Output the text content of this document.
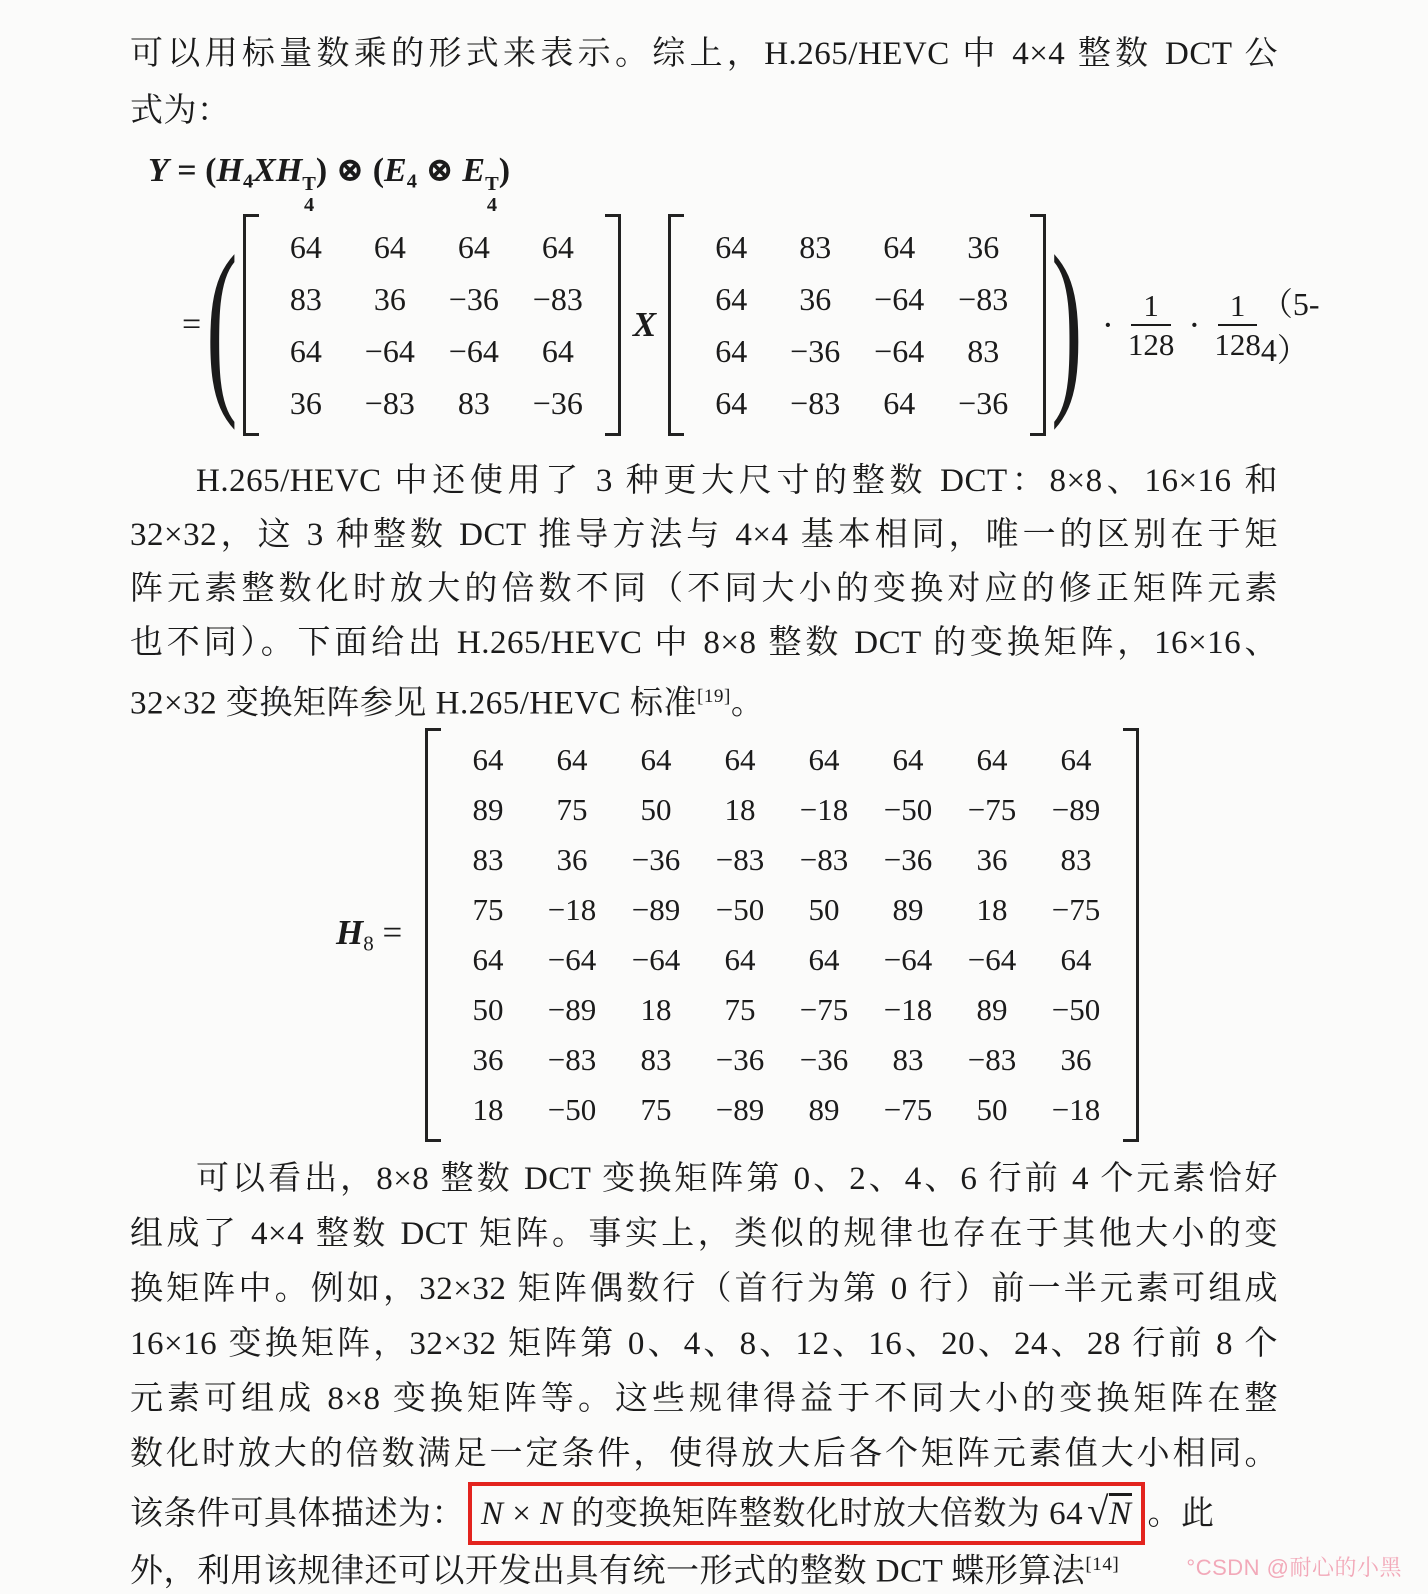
可以用标量数乘的形式来表示。综上，H.265/HEVC 中 4×4 整数 DCT 公
式为：
$Y = (H_4XH$ T
4
) ⊗ ($E_4$ ⊗ E T
4
)
= (	64	64	64	64
83	36	−36	−83
64	−64	−64	64
36	−83	83	−36
X
64	83	64	36
64	36	−64	−83
64	−36	−64	83
64	−83	64	−36 ) · $\frac{1}{128} \cdot \frac{1}{128} (5-4)$
H.265/HEVC 中还使用了 3 种更大尺寸的整数 DCT：8×8、16×16 和
32×32，这 3 种整数 DCT 推导方法与 4×4 基本相同，唯一的区别在于矩
阵元素整数化时放大的倍数不同（不同大小的变换对应的修正矩阵元素
也不同）。下面给出 H.265/HEVC 中 8×8 整数 DCT 的变换矩阵，16×16、
32×32 变换矩阵参见 H.265/HEVC 标准[19]。
$H_8$ =
64	64	64	64	64	64	64	64
89	75	50	18	−18	−50	−75	−89
83	36	−36	−83	−83	−36	36	83
75	−18	−89	−50	50	89	18	−75
64	−64	−64	64	64	−64	−64	64
50	−89	18	75	−75	−18	89	−50
36	−83	83	−36	−36	83	−83	36
18	−50	75	−89	89	−75	50	−18
可以看出，8×8 整数 DCT 变换矩阵第 0、2、4、6 行前 4 个元素恰好
组成了 4×4 整数 DCT 矩阵。事实上，类似的规律也存在于其他大小的变
换矩阵中。例如，32×32 矩阵偶数行（首行为第 0 行）前一半元素可组成
16×16 变换矩阵，32×32 矩阵第 0、4、8、12、16、20、24、28 行前 8 个
元素可组成 8×8 变换矩阵等。这些规律得益于不同大小的变换矩阵在整
数化时放大的倍数满足一定条件，使得放大后各个矩阵元素值大小相同。
该条件可具体描述为： N × N 的变换矩阵整数化时放大倍数为 64 √N 。此
外，利用该规律还可以开发出具有统一形式的整数 DCT 蝶形算法[14]	°CSDN @耐心的小黑
